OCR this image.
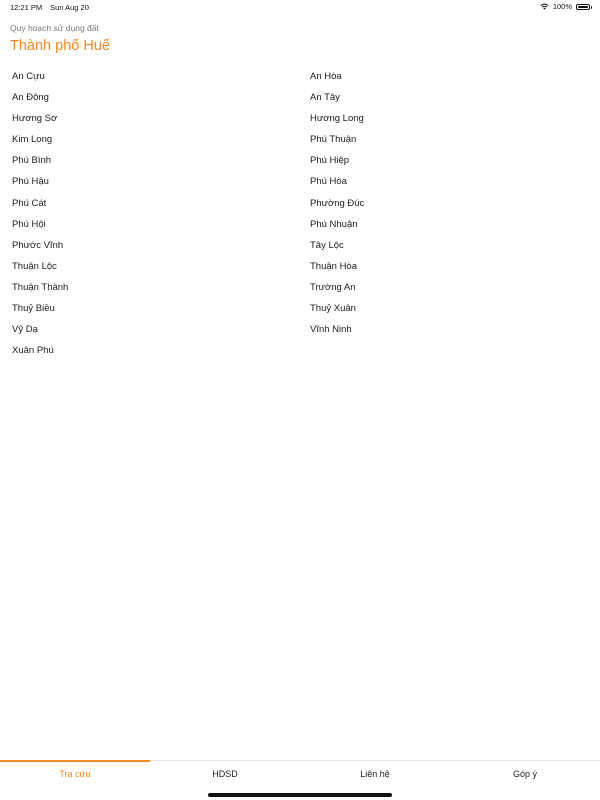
12:21 PM Sun Aug 20	100%
Quy hoạch sử dụng đất
Thành phố Huế
An Cựu
An Đông
Hương Sơ
Kim Long
Phú Bình
Phú Hậu
Phú Cát
Phú Hội
Phước Vĩnh
Thuận Lộc
Thuận Thành
Thuỷ Biều
Vỹ Dạ
Xuân Phú
An Hòa
An Tây
Hương Long
Phú Thuận
Phú Hiệp
Phú Hòa
Phường Đúc
Phú Nhuận
Tây Lộc
Thuận Hòa
Trường An
Thuỷ Xuân
Vĩnh Ninh
Tra cứu	HDSD	Liên hệ	Góp ý
